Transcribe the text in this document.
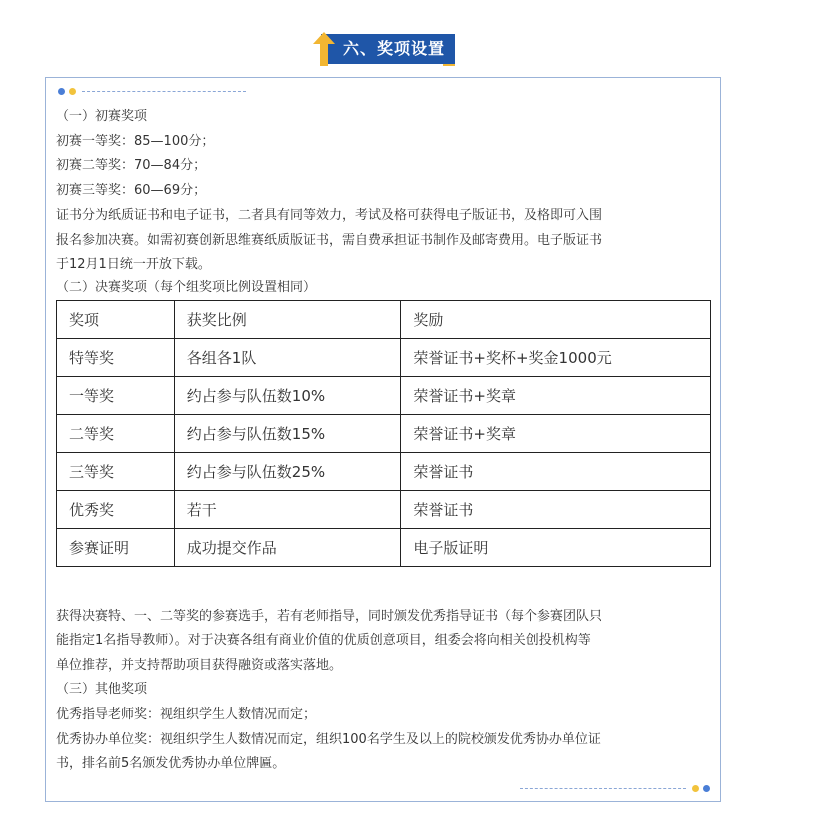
六、奖项设置
（一）初赛奖项
初赛一等奖：85—100分；
初赛二等奖：70—84分；
初赛三等奖：60—69分；
证书分为纸质证书和电子证书，二者具有同等效力，考试及格可获得电子版证书，及格即可入围
报名参加决赛。如需初赛创新思维赛纸质版证书，需自费承担证书制作及邮寄费用。电子版证书
于12月1日统一开放下载。
（二）决赛奖项（每个组奖项比例设置相同）
奖项	获奖比例	奖励
特等奖	各组各1队	荣誉证书+奖杯+奖金1000元
一等奖	约占参与队伍数10%	荣誉证书+奖章
二等奖	约占参与队伍数15%	荣誉证书+奖章
三等奖	约占参与队伍数25%	荣誉证书
优秀奖	若干	荣誉证书
参赛证明	成功提交作品	电子版证明
获得决赛特、一、二等奖的参赛选手，若有老师指导，同时颁发优秀指导证书（每个参赛团队只
能指定1名指导教师）。对于决赛各组有商业价值的优质创意项目，组委会将向相关创投机构等
单位推荐，并支持帮助项目获得融资或落实落地。
（三）其他奖项
优秀指导老师奖：视组织学生人数情况而定；
优秀协办单位奖：视组织学生人数情况而定，组织100名学生及以上的院校颁发优秀协办单位证
书，排名前5名颁发优秀协办单位牌匾。
